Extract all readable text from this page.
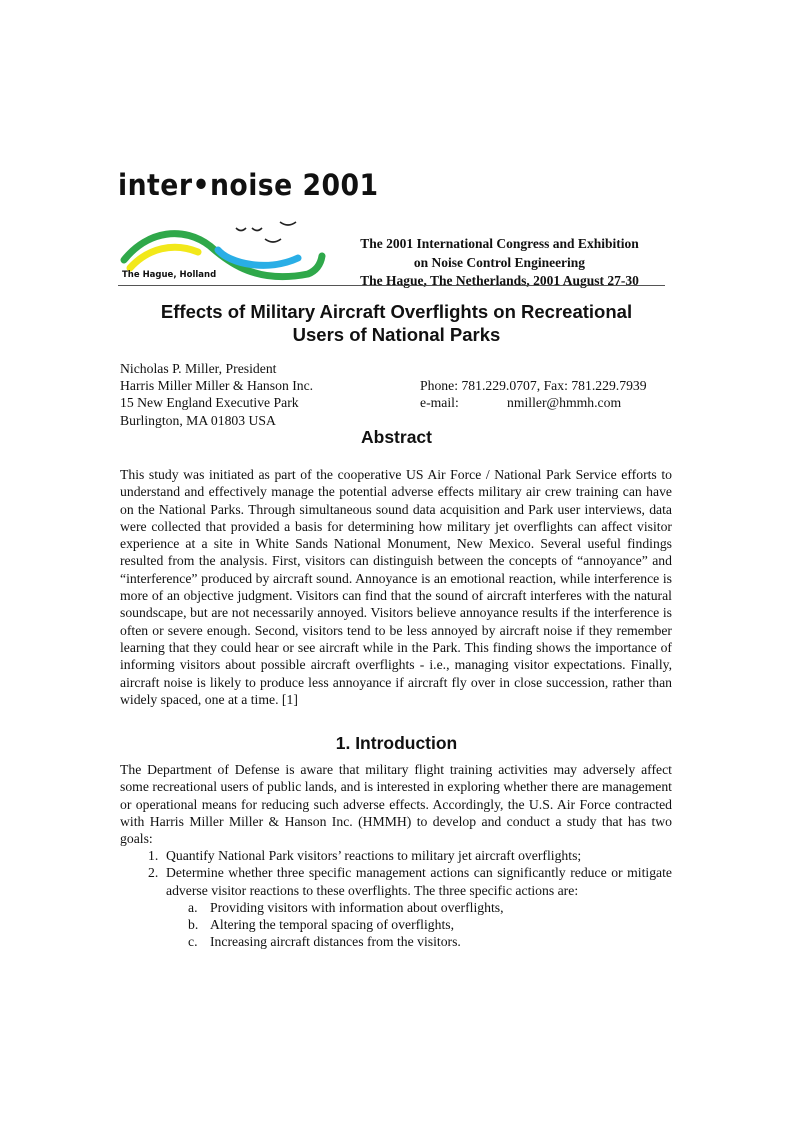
inter•noise 2001
The Hague, Holland
The 2001 International Congress and Exhibition
on Noise Control Engineering
The Hague, The Netherlands, 2001 August 27-30
Effects of Military Aircraft Overflights on Recreational
Users of National Parks
Nicholas P. Miller, President
Harris Miller Miller & Hanson Inc.	Phone: 781.229.0707, Fax: 781.229.7939
15 New England Executive Park	e-mail:	nmiller@hmmh.com
Burlington, MA 01803 USA
Abstract

This study was initiated as part of the cooperative US Air Force / National Park Service efforts to understand and effectively manage the potential adverse effects military air crew training can have on the National Parks. Through simultaneous sound data acquisition and Park user interviews, data were collected that provided a basis for determining how military jet overflights can affect visitor experience at a site in White Sands National Monument, New Mexico. Several useful findings resulted from the analysis. First, visitors can distinguish between the concepts of “annoyance” and “interference” produced by aircraft sound. Annoyance is an emotional reaction, while interference is more of an objective judgment. Visitors can find that the sound of aircraft interferes with the natural soundscape, but are not necessarily annoyed. Visitors believe annoyance results if the interference is often or severe enough. Second, visitors tend to be less annoyed by aircraft noise if they remember learning that they could hear or see aircraft while in the Park. This finding shows the importance of informing visitors about possible aircraft overflights - i.e., managing visitor expectations. Finally, aircraft noise is likely to produce less annoyance if aircraft fly over in close succession, rather than widely spaced, one at a time. [1]

1. Introduction

The Department of Defense is aware that military flight training activities may adversely affect some recreational users of public lands, and is interested in exploring whether there are management or operational means for reducing such adverse effects. Accordingly, the U.S. Air Force contracted with Harris Miller Miller & Hanson Inc. (HMMH) to develop and conduct a study that has two goals:

1. Quantify National Park visitors’ reactions to military jet aircraft overflights;
2. Determine whether three specific management actions can significantly reduce or mitigate adverse visitor reactions to these overflights. The three specific actions are:
a. Providing visitors with information about overflights,
b. Altering the temporal spacing of overflights,
c. Increasing aircraft distances from the visitors.
